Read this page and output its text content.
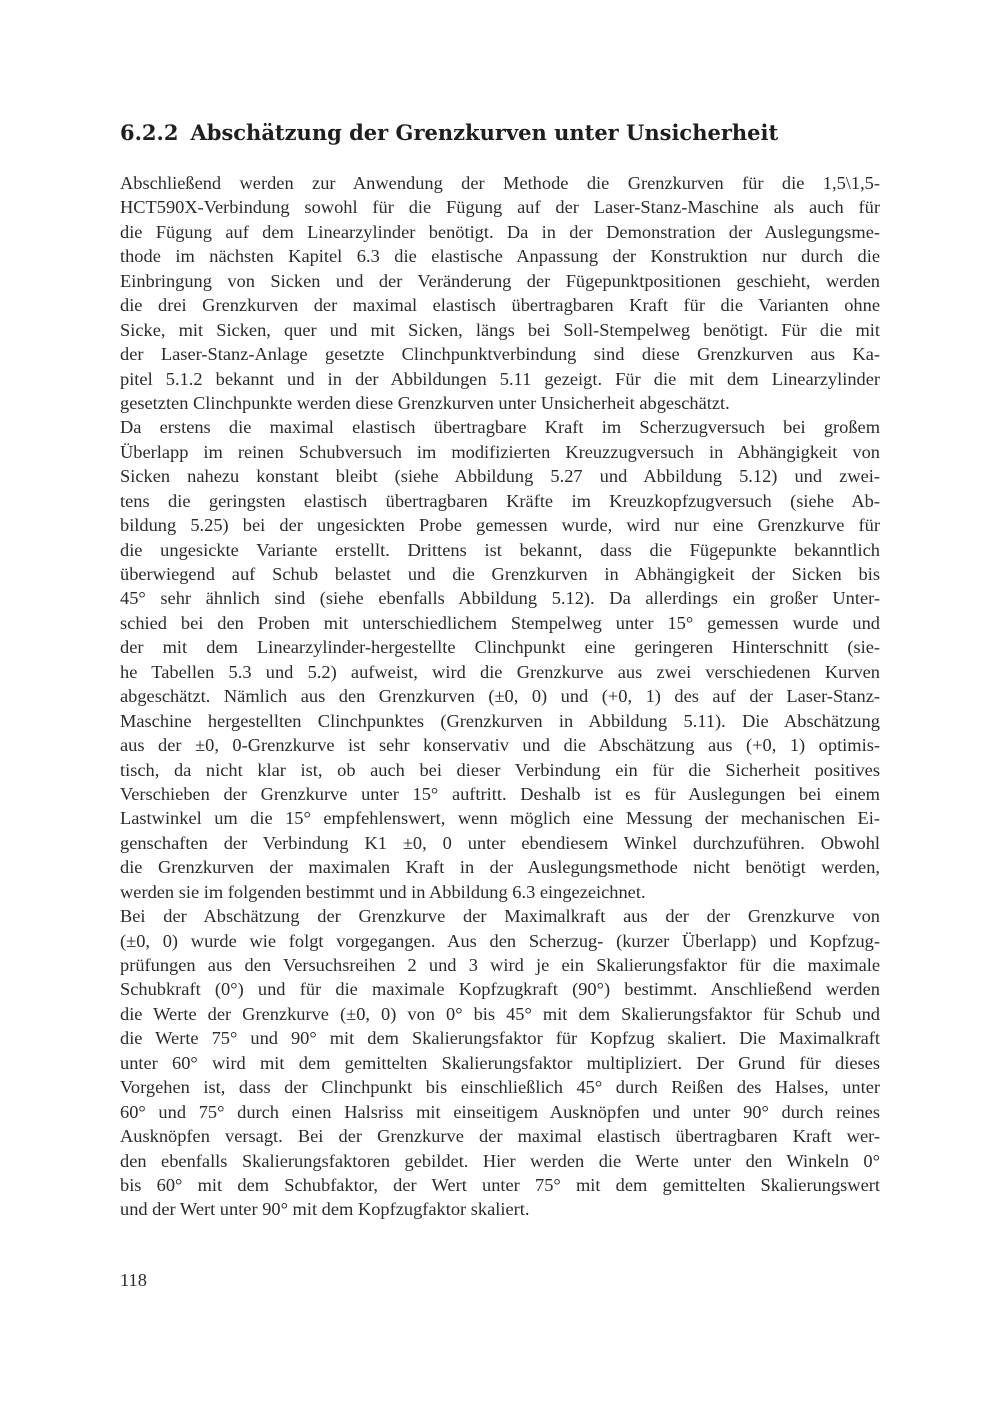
6.2.2 Abschätzung der Grenzkurven unter Unsicherheit
Abschließend werden zur Anwendung der Methode die Grenzkurven für die 1,5\1,5-
HCT590X-Verbindung sowohl für die Fügung auf der Laser-Stanz-Maschine als auch für
die Fügung auf dem Linearzylinder benötigt. Da in der Demonstration der Auslegungsme-
thode im nächsten Kapitel 6.3 die elastische Anpassung der Konstruktion nur durch die
Einbringung von Sicken und der Veränderung der Fügepunktpositionen geschieht, werden
die drei Grenzkurven der maximal elastisch übertragbaren Kraft für die Varianten ohne
Sicke, mit Sicken, quer und mit Sicken, längs bei Soll-Stempelweg benötigt. Für die mit
der Laser-Stanz-Anlage gesetzte Clinchpunktverbindung sind diese Grenzkurven aus Ka-
pitel 5.1.2 bekannt und in der Abbildungen 5.11 gezeigt. Für die mit dem Linearzylinder
gesetzten Clinchpunkte werden diese Grenzkurven unter Unsicherheit abgeschätzt.
Da erstens die maximal elastisch übertragbare Kraft im Scherzugversuch bei großem
Überlapp im reinen Schubversuch im modifizierten Kreuzzugversuch in Abhängigkeit von
Sicken nahezu konstant bleibt (siehe Abbildung 5.27 und Abbildung 5.12) und zwei-
tens die geringsten elastisch übertragbaren Kräfte im Kreuzkopfzugversuch (siehe Ab-
bildung 5.25) bei der ungesickten Probe gemessen wurde, wird nur eine Grenzkurve für
die ungesickte Variante erstellt. Drittens ist bekannt, dass die Fügepunkte bekanntlich
überwiegend auf Schub belastet und die Grenzkurven in Abhängigkeit der Sicken bis
45° sehr ähnlich sind (siehe ebenfalls Abbildung 5.12). Da allerdings ein großer Unter-
schied bei den Proben mit unterschiedlichem Stempelweg unter 15° gemessen wurde und
der mit dem Linearzylinder-hergestellte Clinchpunkt eine geringeren Hinterschnitt (sie-
he Tabellen 5.3 und 5.2) aufweist, wird die Grenzkurve aus zwei verschiedenen Kurven
abgeschätzt. Nämlich aus den Grenzkurven (±0, 0) und (+0, 1) des auf der Laser-Stanz-
Maschine hergestellten Clinchpunktes (Grenzkurven in Abbildung 5.11). Die Abschätzung
aus der ±0, 0-Grenzkurve ist sehr konservativ und die Abschätzung aus (+0, 1) optimis-
tisch, da nicht klar ist, ob auch bei dieser Verbindung ein für die Sicherheit positives
Verschieben der Grenzkurve unter 15° auftritt. Deshalb ist es für Auslegungen bei einem
Lastwinkel um die 15° empfehlenswert, wenn möglich eine Messung der mechanischen Ei-
genschaften der Verbindung K1 ±0, 0 unter ebendiesem Winkel durchzuführen. Obwohl
die Grenzkurven der maximalen Kraft in der Auslegungsmethode nicht benötigt werden,
werden sie im folgenden bestimmt und in Abbildung 6.3 eingezeichnet.
Bei der Abschätzung der Grenzkurve der Maximalkraft aus der der Grenzkurve von
(±0, 0) wurde wie folgt vorgegangen. Aus den Scherzug- (kurzer Überlapp) und Kopfzug-
prüfungen aus den Versuchsreihen 2 und 3 wird je ein Skalierungsfaktor für die maximale
Schubkraft (0°) und für die maximale Kopfzugkraft (90°) bestimmt. Anschließend werden
die Werte der Grenzkurve (±0, 0) von 0° bis 45° mit dem Skalierungsfaktor für Schub und
die Werte 75° und 90° mit dem Skalierungsfaktor für Kopfzug skaliert. Die Maximalkraft
unter 60° wird mit dem gemittelten Skalierungsfaktor multipliziert. Der Grund für dieses
Vorgehen ist, dass der Clinchpunkt bis einschließlich 45° durch Reißen des Halses, unter
60° und 75° durch einen Halsriss mit einseitigem Ausknöpfen und unter 90° durch reines
Ausknöpfen versagt. Bei der Grenzkurve der maximal elastisch übertragbaren Kraft wer-
den ebenfalls Skalierungsfaktoren gebildet. Hier werden die Werte unter den Winkeln 0°
bis 60° mit dem Schubfaktor, der Wert unter 75° mit dem gemittelten Skalierungswert
und der Wert unter 90° mit dem Kopfzugfaktor skaliert.
118
